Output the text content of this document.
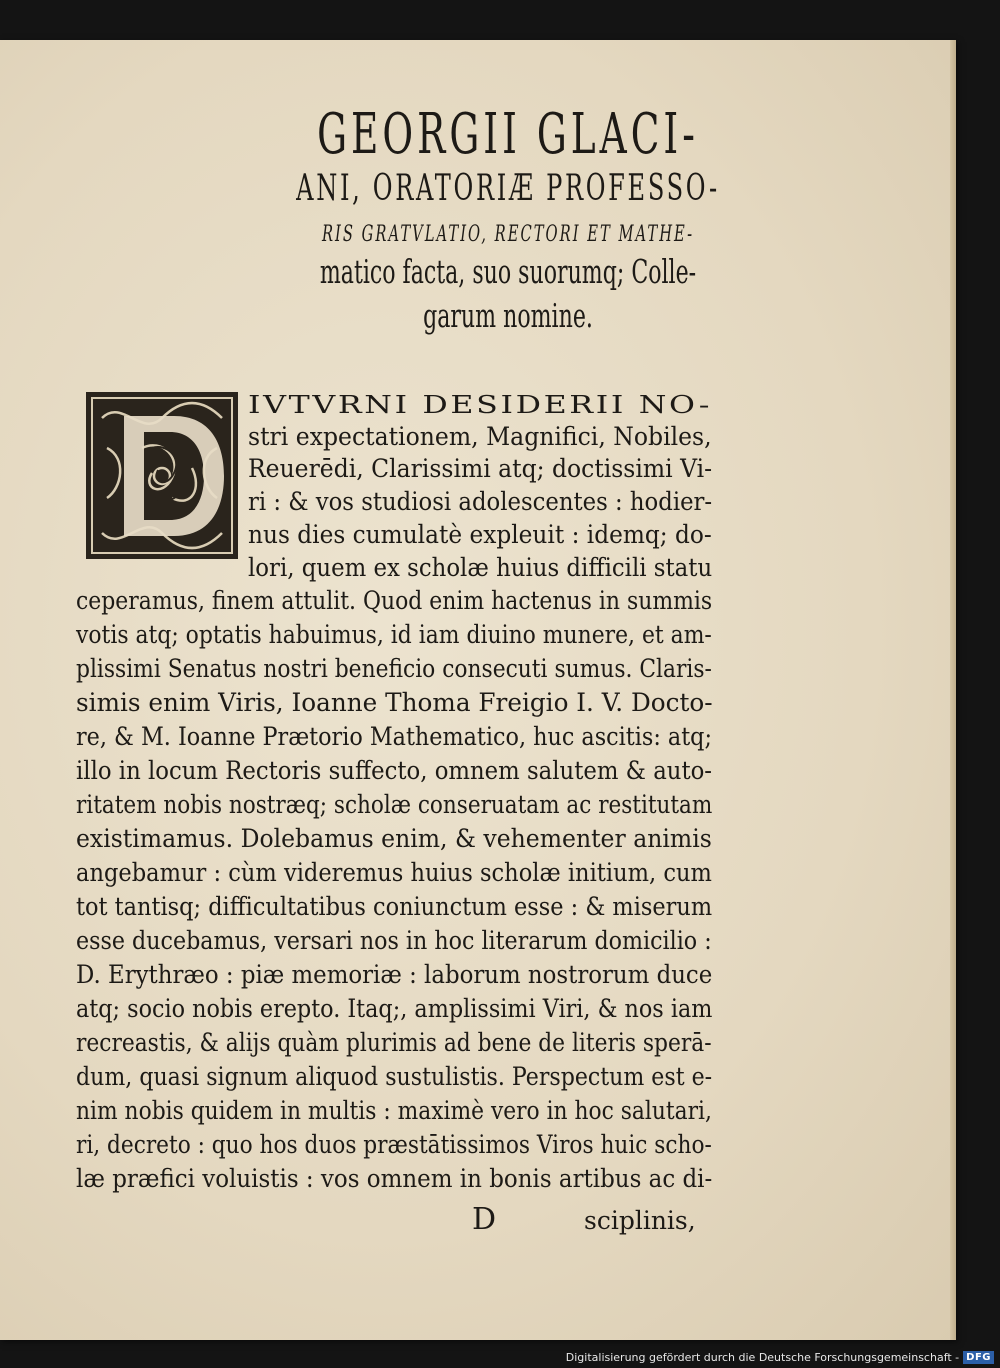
GEORGII GLACI-

ANI, ORATORIÆ PROFESSO-

RIS GRATVLATIO, RECTORI ET MATHE-

matico facta, suo suorumq; Colle-

garum nomine.

IVTVRNI DESIDERII NO-

stri expectationem, Magnifici, Nobiles,

Reuerēdi, Clarissimi atq; doctissimi Vi-

ri : & vos studiosi adolescentes : hodier-

nus dies cumulatè expleuit : idemq; do-

lori, quem ex scholæ huius difficili statu

ceperamus, finem attulit. Quod enim hactenus in summis

votis atq; optatis habuimus, id iam diuino munere, et am-

plissimi Senatus nostri beneficio consecuti sumus. Claris-

simis enim Viris, Ioanne Thoma Freigio I. V. Docto-

re, & M. Ioanne Prætorio Mathematico, huc ascitis: atq;

illo in locum Rectoris suffecto, omnem salutem & auto-

ritatem nobis nostræq; scholæ conseruatam ac restitutam

existimamus. Dolebamus enim, & vehementer animis

angebamur : cùm videremus huius scholæ initium, cum

tot tantisq; difficultatibus coniunctum esse : & miserum

esse ducebamus, versari nos in hoc literarum domicilio :

D. Erythræo : piæ memoriæ : laborum nostrorum duce

atq; socio nobis erepto. Itaq;, amplissimi Viri, & nos iam

recreastis, & alijs quàm plurimis ad bene de literis sperā-

dum, quasi signum aliquod sustulistis. Perspectum est e-

nim nobis quidem in multis : maximè vero in hoc salutari,

ri, decreto : quo hos duos præstātissimos Viros huic scho-

læ præfici voluistis : vos omnem in bonis artibus ac di-

D	sciplinis,

Digitalisierung gefördert durch die Deutsche Forschungsgemeinschaft - DFG
